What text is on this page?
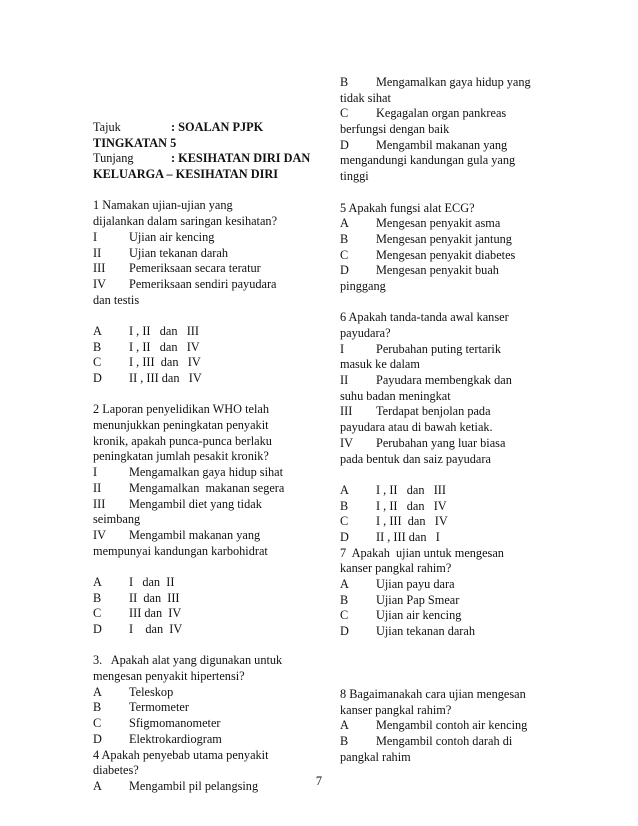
Tajuk	: SOALAN PJPK
TINGKATAN 5
Tunjang	: KESIHATAN DIRI DAN
KELUARGA – KESIHATAN DIRI
1 Namakan ujian-ujian yang
dijalankan dalam saringan kesihatan?
I	Ujian air kencing
II Ujian tekanan darah
III Pemeriksaan secara teratur
IV Pemeriksaan sendiri payudara
dan testis
A I , II   dan   III
B I , II   dan   IV
C I , III  dan   IV
D II , III dan   IV
2 Laporan penyelidikan WHO telah
menunjukkan peningkatan penyakit
kronik, apakah punca-punca berlaku
peningkatan jumlah pesakit kronik?
I	Mengamalkan gaya hidup sihat
II Mengamalkan  makanan segera
III Mengambil diet yang tidak
seimbang
IV Mengambil makanan yang
mempunyai kandungan karbohidrat
A I   dan  II
B II  dan  III
C III dan  IV
D I    dan  IV
3.   Apakah alat yang digunakan untuk
mengesan penyakit hipertensi?
A Teleskop
B Termometer
C Sfigmomanometer
D Elektrokardiogram
4 Apakah penyebab utama penyakit
diabetes?
A Mengambil pil pelangsing
B Mengamalkan gaya hidup yang
tidak sihat
C Kegagalan organ pankreas
berfungsi dengan baik
D Mengambil makanan yang
mengandungi kandungan gula yang
tinggi
5 Apakah fungsi alat ECG?
A Mengesan penyakit asma
B Mengesan penyakit jantung
C Mengesan penyakit diabetes
D Mengesan penyakit buah
pinggang
6 Apakah tanda-tanda awal kanser
payudara?
I	Perubahan puting tertarik
masuk ke dalam
II Payudara membengkak dan
suhu badan meningkat
III Terdapat benjolan pada
payudara atau di bawah ketiak.
IV Perubahan yang luar biasa
pada bentuk dan saiz payudara
A I , II   dan   III
B I , II   dan   IV
C I , III  dan   IV
D II , III dan   I
7  Apakah  ujian untuk mengesan
kanser pangkal rahim?
A Ujian payu dara
B Ujian Pap Smear
C Ujian air kencing
D Ujian tekanan darah
8 Bagaimanakah cara ujian mengesan
kanser pangkal rahim?
A Mengambil contoh air kencing
B Mengambil contoh darah di
pangkal rahim
7
